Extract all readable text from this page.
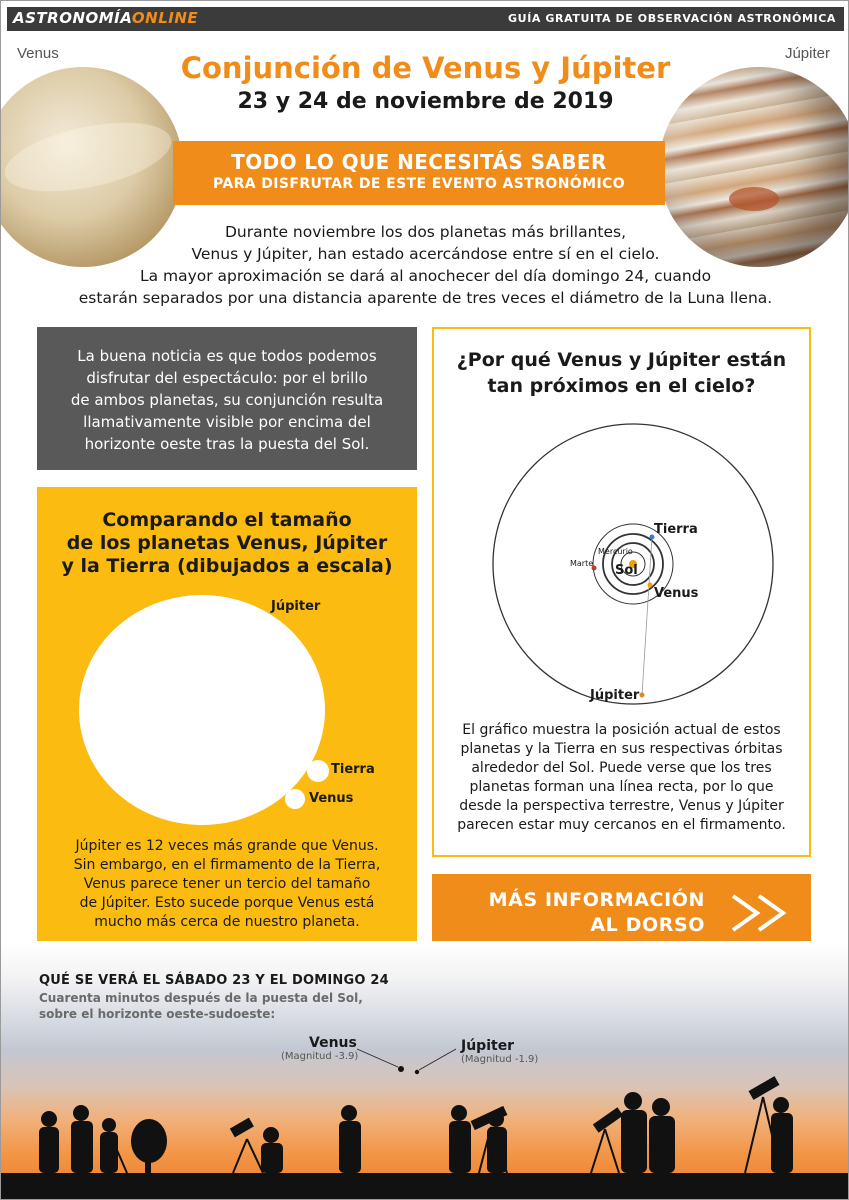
ASTRONOMÍAONLINE	GUÍA GRATUITA DE OBSERVACIÓN ASTRONÓMICA
Venus	Júpiter
Conjunción de Venus y Júpiter
23 y 24 de noviembre de 2019
TODO LO QUE NECESITÁS SABER
PARA DISFRUTAR DE ESTE EVENTO ASTRONÓMICO
Durante noviembre los dos planetas más brillantes,
Venus y Júpiter, han estado acercándose entre sí en el cielo.
La mayor aproximación se dará al anochecer del día domingo 24, cuando
estarán separados por una distancia aparente de tres veces el diámetro de la Luna llena.
La buena noticia es que todos podemos
disfrutar del espectáculo: por el brillo
de ambos planetas, su conjunción resulta
llamativamente visible por encima del
horizonte oeste tras la puesta del Sol.
Comparando el tamaño
de los planetas Venus, Júpiter
y la Tierra (dibujados a escala)
Júpiter
Tierra
Venus
Júpiter es 12 veces más grande que Venus.
Sin embargo, en el firmamento de la Tierra,
Venus parece tener un tercio del tamaño
de Júpiter. Esto sucede porque Venus está
mucho más cerca de nuestro planeta.
¿Por qué Venus y Júpiter están
tan próximos en el cielo?
Tierra
Mercurio
Marte Sol
Venus
Júpiter
El gráfico muestra la posición actual de estos
planetas y la Tierra en sus respectivas órbitas
alrededor del Sol. Puede verse que los tres
planetas forman una línea recta, por lo que
desde la perspectiva terrestre, Venus y Júpiter
parecen estar muy cercanos en el firmamento.
MÁS INFORMACIÓN
AL DORSO
QUÉ SE VERÁ EL SÁBADO 23 Y EL DOMINGO 24
Cuarenta minutos después de la puesta del Sol,
sobre el horizonte oeste-sudoeste:
Venus
(Magnitud -3.9)
Júpiter
(Magnitud -1.9)
